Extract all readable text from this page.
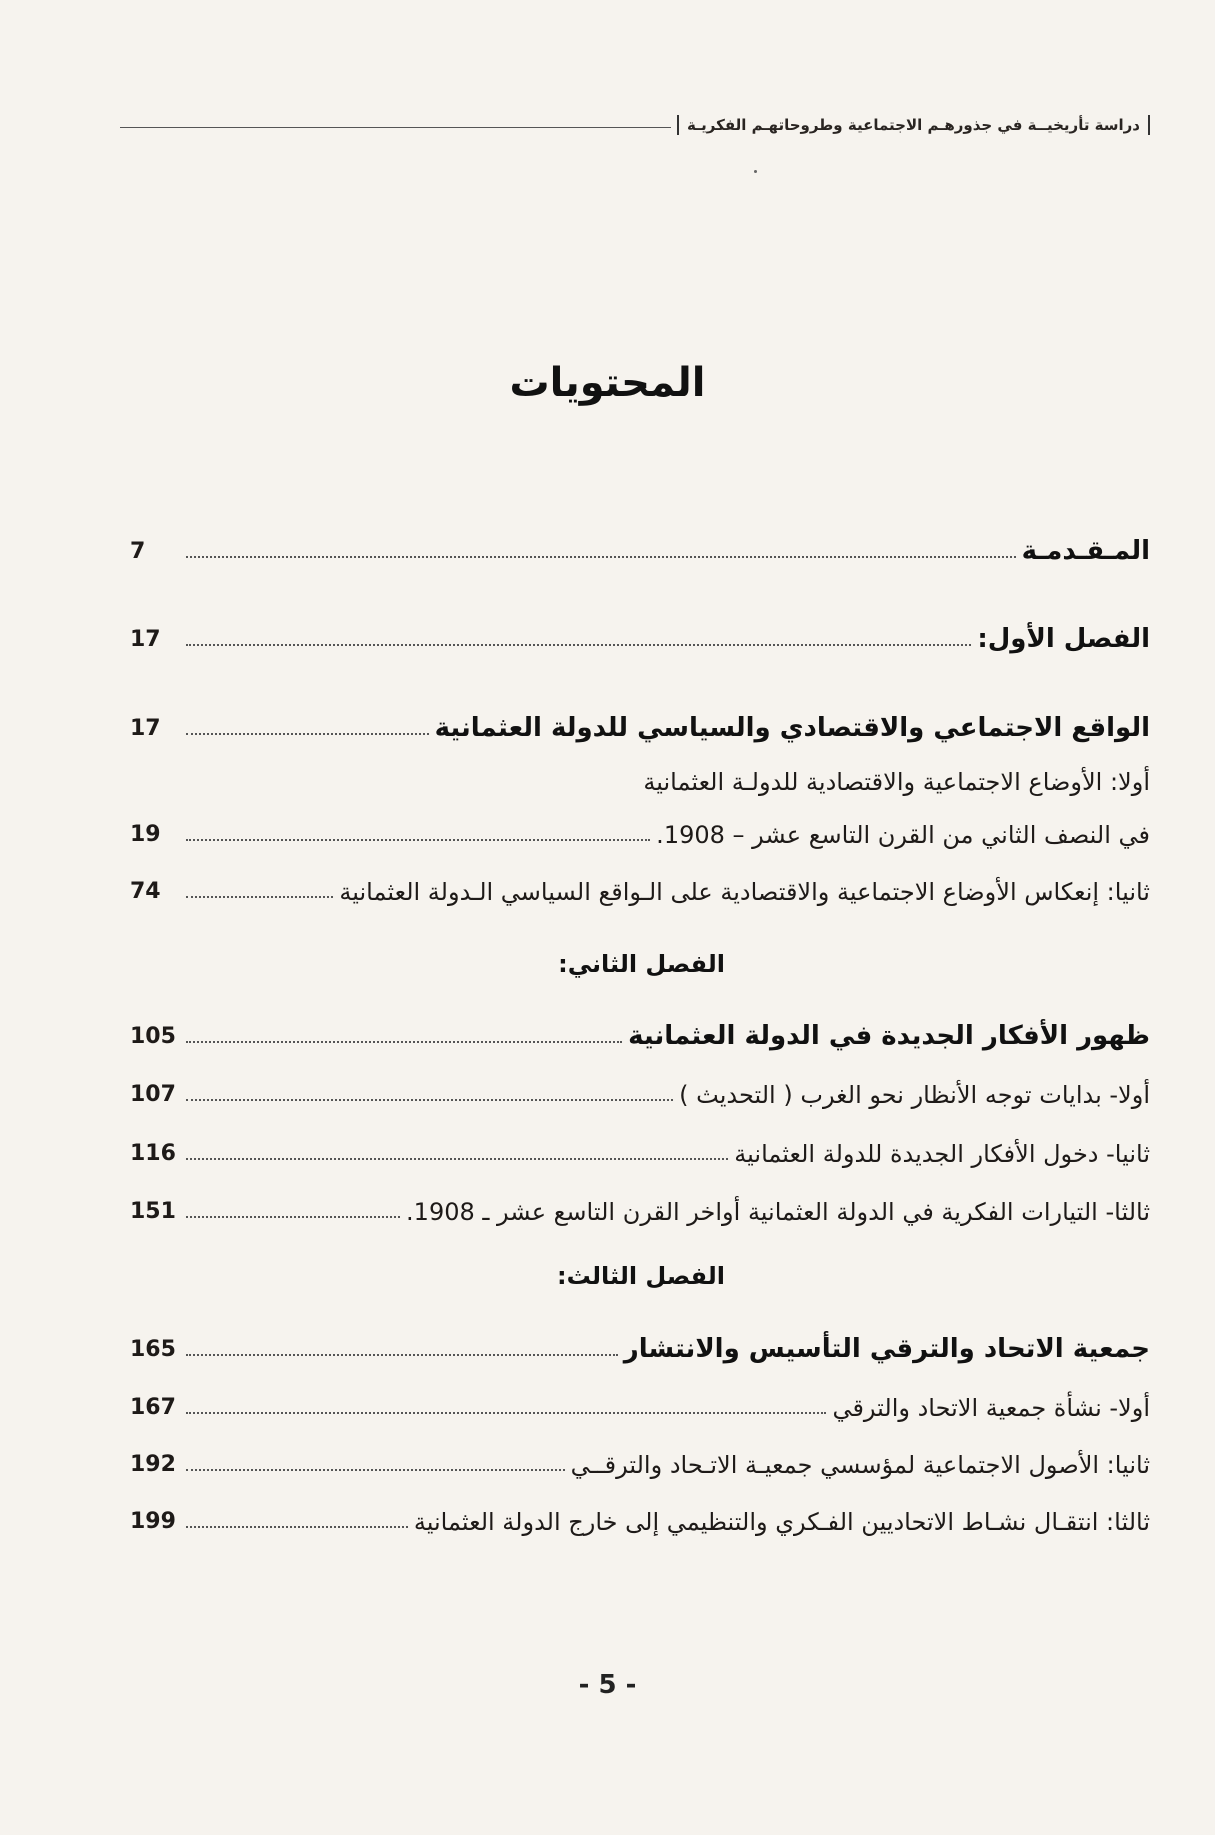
دراسة تأريخيــة في جذورهـم الاجتماعية وطروحاتهـم الفكريـة
المحتويات
المـقـدمـة
7
الفصل الأول:
17
الواقع الاجتماعي والاقتصادي والسياسي للدولة العثمانية
17
أولا: الأوضاع الاجتماعية والاقتصادية للدولـة العثمانية
في النصف الثاني من القرن التاسع عشر – 1908.
19
ثانيا: إنعكاس الأوضاع الاجتماعية والاقتصادية على الـواقع السياسي الـدولة العثمانية
74
الفصل الثاني:
ظهور الأفكار الجديدة في الدولة العثمانية
105
أولا- بدايات توجه الأنظار نحو الغرب ( التحديث )
107
ثانيا- دخول الأفكار الجديدة للدولة العثمانية
116
ثالثا- التيارات الفكرية في الدولة العثمانية أواخر القرن التاسع عشر ـ 1908.
151
الفصل الثالث:
جمعية الاتحاد والترقي التأسيس والانتشار
165
أولا- نشأة جمعية الاتحاد والترقي
167
ثانيا: الأصول الاجتماعية لمؤسسي جمعيـة الاتـحاد والترقــي
192
ثالثا: انتقـال نشـاط الاتحاديين الفـكري والتنظيمي إلى خارج الدولة العثمانية
199
- 5 -
